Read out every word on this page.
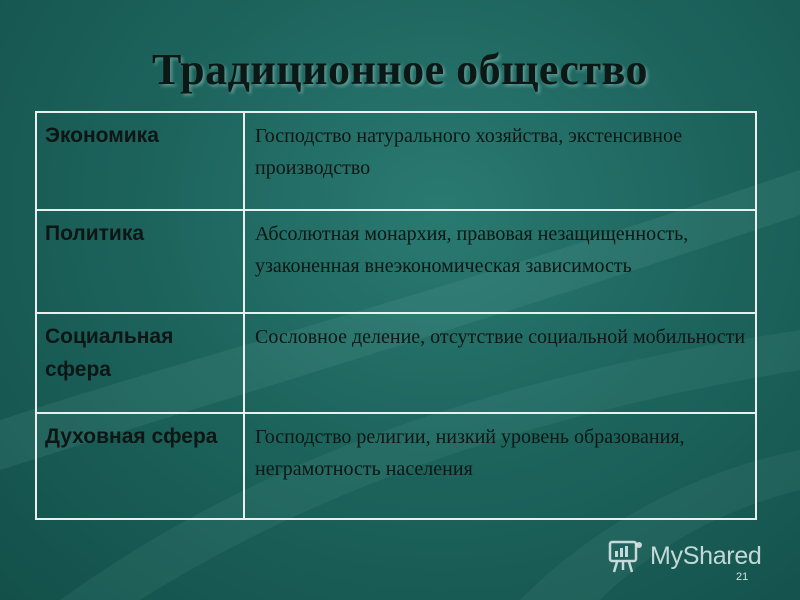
Традиционное общество
Экономика	Господство натурального хозяйства, экстенсивное производство
Политика	Абсолютная монархия, правовая незащищенность, узаконенная внеэкономическая зависимость
Социальная сфера	Сословное деление, отсутствие социальной мобильности
Духовная сфера	Господство религии, низкий уровень образования, неграмотность населения
MyShared
21
